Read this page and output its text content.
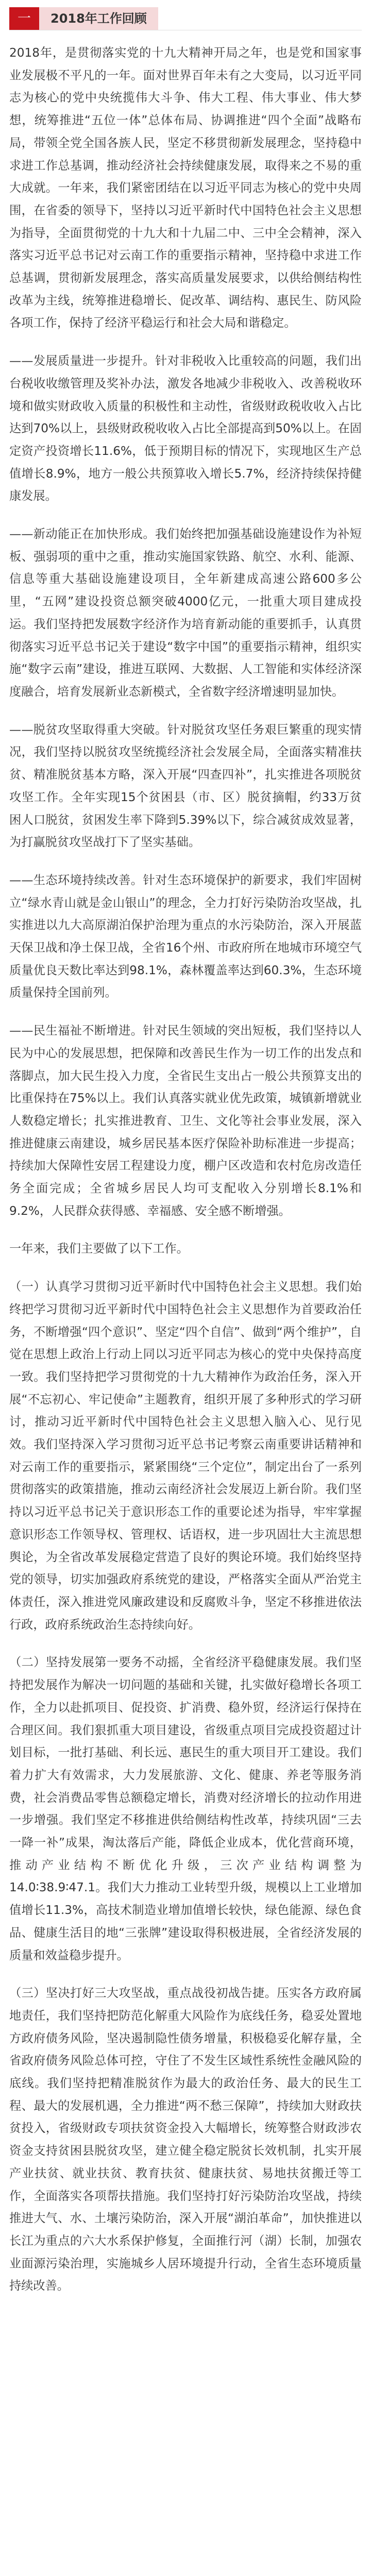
一	2018年工作回顾

2018年，是贯彻落实党的十九大精神开局之年，也是党和国家事业发展极不平凡的一年。面对世界百年未有之大变局，以习近平同志为核心的党中央统揽伟大斗争、伟大工程、伟大事业、伟大梦想，统筹推进“五位一体”总体布局、协调推进“四个全面”战略布局，带领全党全国各族人民，坚定不移贯彻新发展理念，坚持稳中求进工作总基调，推动经济社会持续健康发展，取得来之不易的重大成就。一年来，我们紧密团结在以习近平同志为核心的党中央周围，在省委的领导下，坚持以习近平新时代中国特色社会主义思想为指导，全面贯彻党的十九大和十九届二中、三中全会精神，深入落实习近平总书记对云南工作的重要指示精神，坚持稳中求进工作总基调，贯彻新发展理念，落实高质量发展要求，以供给侧结构性改革为主线，统筹推进稳增长、促改革、调结构、惠民生、防风险各项工作，保持了经济平稳运行和社会大局和谐稳定。

——发展质量进一步提升。针对非税收入比重较高的问题，我们出台税收收缴管理及奖补办法，激发各地减少非税收入、改善税收环境和做实财政收入质量的积极性和主动性，省级财政税收收入占比达到70%以上，县级财政税收收入占比全部提高到50%以上。在固定资产投资增长11.6%，低于预期目标的情况下，实现地区生产总值增长8.9%，地方一般公共预算收入增长5.7%，经济持续保持健康发展。

——新动能正在加快形成。我们始终把加强基础设施建设作为补短板、强弱项的重中之重，推动实施国家铁路、航空、水利、能源、信息等重大基础设施建设项目，全年新建成高速公路600多公里，“五网”建设投资总额突破4000亿元，一批重大项目建成投运。我们坚持把发展数字经济作为培育新动能的重要抓手，认真贯彻落实习近平总书记关于建设“数字中国”的重要指示精神，组织实施“数字云南”建设，推进互联网、大数据、人工智能和实体经济深度融合，培育发展新业态新模式，全省数字经济增速明显加快。

——脱贫攻坚取得重大突破。针对脱贫攻坚任务艰巨繁重的现实情况，我们坚持以脱贫攻坚统揽经济社会发展全局，全面落实精准扶贫、精准脱贫基本方略，深入开展“四查四补”，扎实推进各项脱贫攻坚工作。全年实现15个贫困县（市、区）脱贫摘帽，约33万贫困人口脱贫，贫困发生率下降到5.39%以下，综合减贫成效显著，为打赢脱贫攻坚战打下了坚实基础。

——生态环境持续改善。针对生态环境保护的新要求，我们牢固树立“绿水青山就是金山银山”的理念，全力打好污染防治攻坚战，扎实推进以九大高原湖泊保护治理为重点的水污染防治，深入开展蓝天保卫战和净土保卫战，全省16个州、市政府所在地城市环境空气质量优良天数比率达到98.1%，森林覆盖率达到60.3%，生态环境质量保持全国前列。

——民生福祉不断增进。针对民生领域的突出短板，我们坚持以人民为中心的发展思想，把保障和改善民生作为一切工作的出发点和落脚点，加大民生投入力度，全省民生支出占一般公共预算支出的比重保持在75%以上。我们认真落实就业优先政策，城镇新增就业人数稳定增长；扎实推进教育、卫生、文化等社会事业发展，深入推进健康云南建设，城乡居民基本医疗保险补助标准进一步提高；持续加大保障性安居工程建设力度，棚户区改造和农村危房改造任务全面完成；全省城乡居民人均可支配收入分别增长8.1%和9.2%，人民群众获得感、幸福感、安全感不断增强。

一年来，我们主要做了以下工作。

（一）认真学习贯彻习近平新时代中国特色社会主义思想。我们始终把学习贯彻习近平新时代中国特色社会主义思想作为首要政治任务，不断增强“四个意识”、坚定“四个自信”、做到“两个维护”，自觉在思想上政治上行动上同以习近平同志为核心的党中央保持高度一致。我们坚持把学习贯彻党的十九大精神作为政治任务，深入开展“不忘初心、牢记使命”主题教育，组织开展了多种形式的学习研讨，推动习近平新时代中国特色社会主义思想入脑入心、见行见效。我们坚持深入学习贯彻习近平总书记考察云南重要讲话精神和对云南工作的重要指示，紧紧围绕“三个定位”，制定出台了一系列贯彻落实的政策措施，推动云南经济社会发展迈上新台阶。我们坚持以习近平总书记关于意识形态工作的重要论述为指导，牢牢掌握意识形态工作领导权、管理权、话语权，进一步巩固壮大主流思想舆论，为全省改革发展稳定营造了良好的舆论环境。我们始终坚持党的领导，切实加强政府系统党的建设，严格落实全面从严治党主体责任，深入推进党风廉政建设和反腐败斗争，坚定不移推进依法行政，政府系统政治生态持续向好。

（二）坚持发展第一要务不动摇，全省经济平稳健康发展。我们坚持把发展作为解决一切问题的基础和关键，扎实做好稳增长各项工作，全力以赴抓项目、促投资、扩消费、稳外贸，经济运行保持在合理区间。我们狠抓重大项目建设，省级重点项目完成投资超过计划目标，一批打基础、利长远、惠民生的重大项目开工建设。我们着力扩大有效需求，大力发展旅游、文化、健康、养老等服务消费，社会消费品零售总额稳定增长，消费对经济增长的拉动作用进一步增强。我们坚定不移推进供给侧结构性改革，持续巩固“三去一降一补”成果，淘汰落后产能，降低企业成本，优化营商环境，推动产业结构不断优化升级，三次产业结构调整为14.0∶38.9∶47.1。我们大力推动工业转型升级，规模以上工业增加值增长11.3%，高技术制造业增加值增长较快，绿色能源、绿色食品、健康生活目的地“三张牌”建设取得积极进展，全省经济发展的质量和效益稳步提升。

（三）坚决打好三大攻坚战，重点战役初战告捷。压实各方政府属地责任，我们坚持把防范化解重大风险作为底线任务，稳妥处置地方政府债务风险，坚决遏制隐性债务增量，积极稳妥化解存量，全省政府债务风险总体可控，守住了不发生区域性系统性金融风险的底线。我们坚持把精准脱贫作为最大的政治任务、最大的民生工程、最大的发展机遇，全力推进“两不愁三保障”，持续加大财政扶贫投入，省级财政专项扶贫资金投入大幅增长，统筹整合财政涉农资金支持贫困县脱贫攻坚，建立健全稳定脱贫长效机制，扎实开展产业扶贫、就业扶贫、教育扶贫、健康扶贫、易地扶贫搬迁等工作，全面落实各项帮扶措施。我们坚持打好污染防治攻坚战，持续推进大气、水、土壤污染防治，深入开展“湖泊革命”，加快推进以长江为重点的六大水系保护修复，全面推行河（湖）长制，加强农业面源污染治理，实施城乡人居环境提升行动，全省生态环境质量持续改善。
